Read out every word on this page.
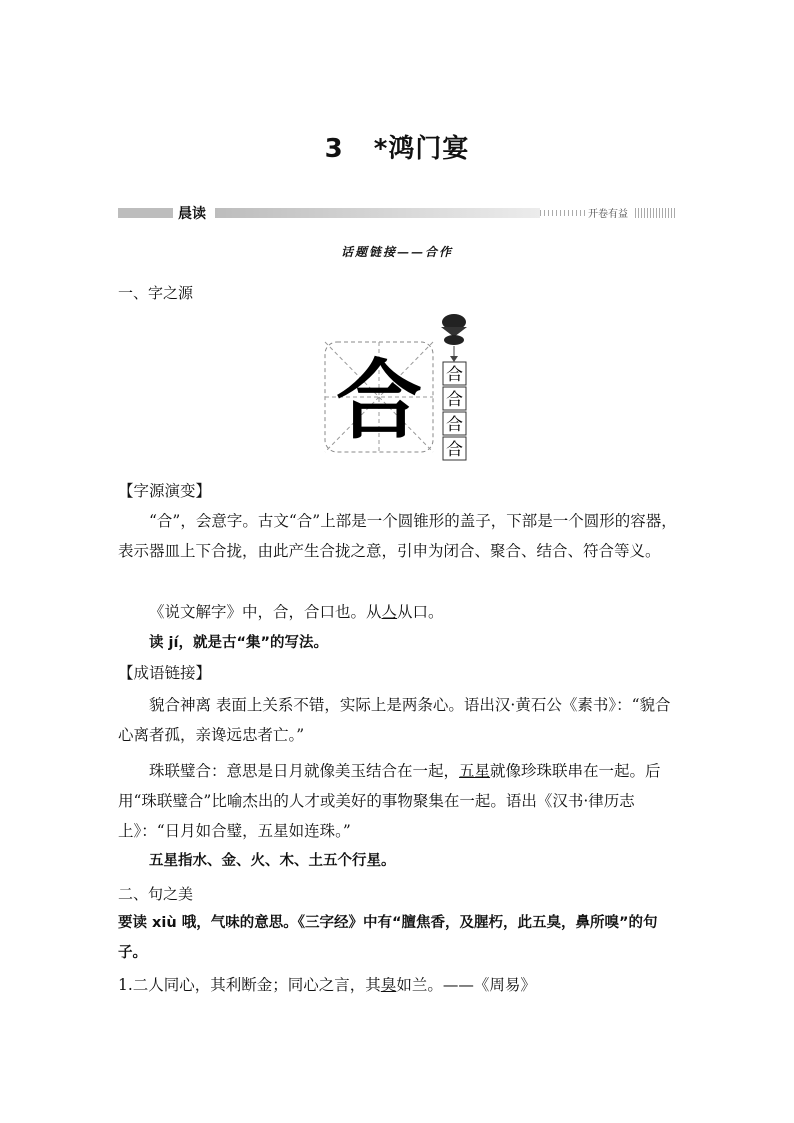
3 *鸿门宴
晨读	开卷有益
话题链接——合作
一、字之源
合 合
合
合
合
【字源演变】

“合”，会意字。古文“合”上部是一个圆锥形的盖子，下部是一个圆形的容器，表示器皿上下合拢，由此产生合拢之意，引申为闭合、聚合、结合、符合等义。

《说文解字》中，合，合口也。从亼从口。

读 jí，就是古“集”的写法。

【成语链接】

貌合神离 表面上关系不错，实际上是两条心。语出汉·黄石公《素书》：“貌合心离者孤，亲谗远忠者亡。”

珠联璧合：意思是日月就像美玉结合在一起，五星就像珍珠联串在一起。后用“珠联璧合”比喻杰出的人才或美好的事物聚集在一起。语出《汉书·律历志上》：“日月如合璧，五星如连珠。”

五星指水、金、火、木、土五个行星。

二、句之美

要读 xiù 哦，气味的意思。《三字经》中有“膻焦香，及腥朽，此五臭，鼻所嗅”的句子。

1.二人同心，其利断金；同心之言，其臭如兰。——《周易》
